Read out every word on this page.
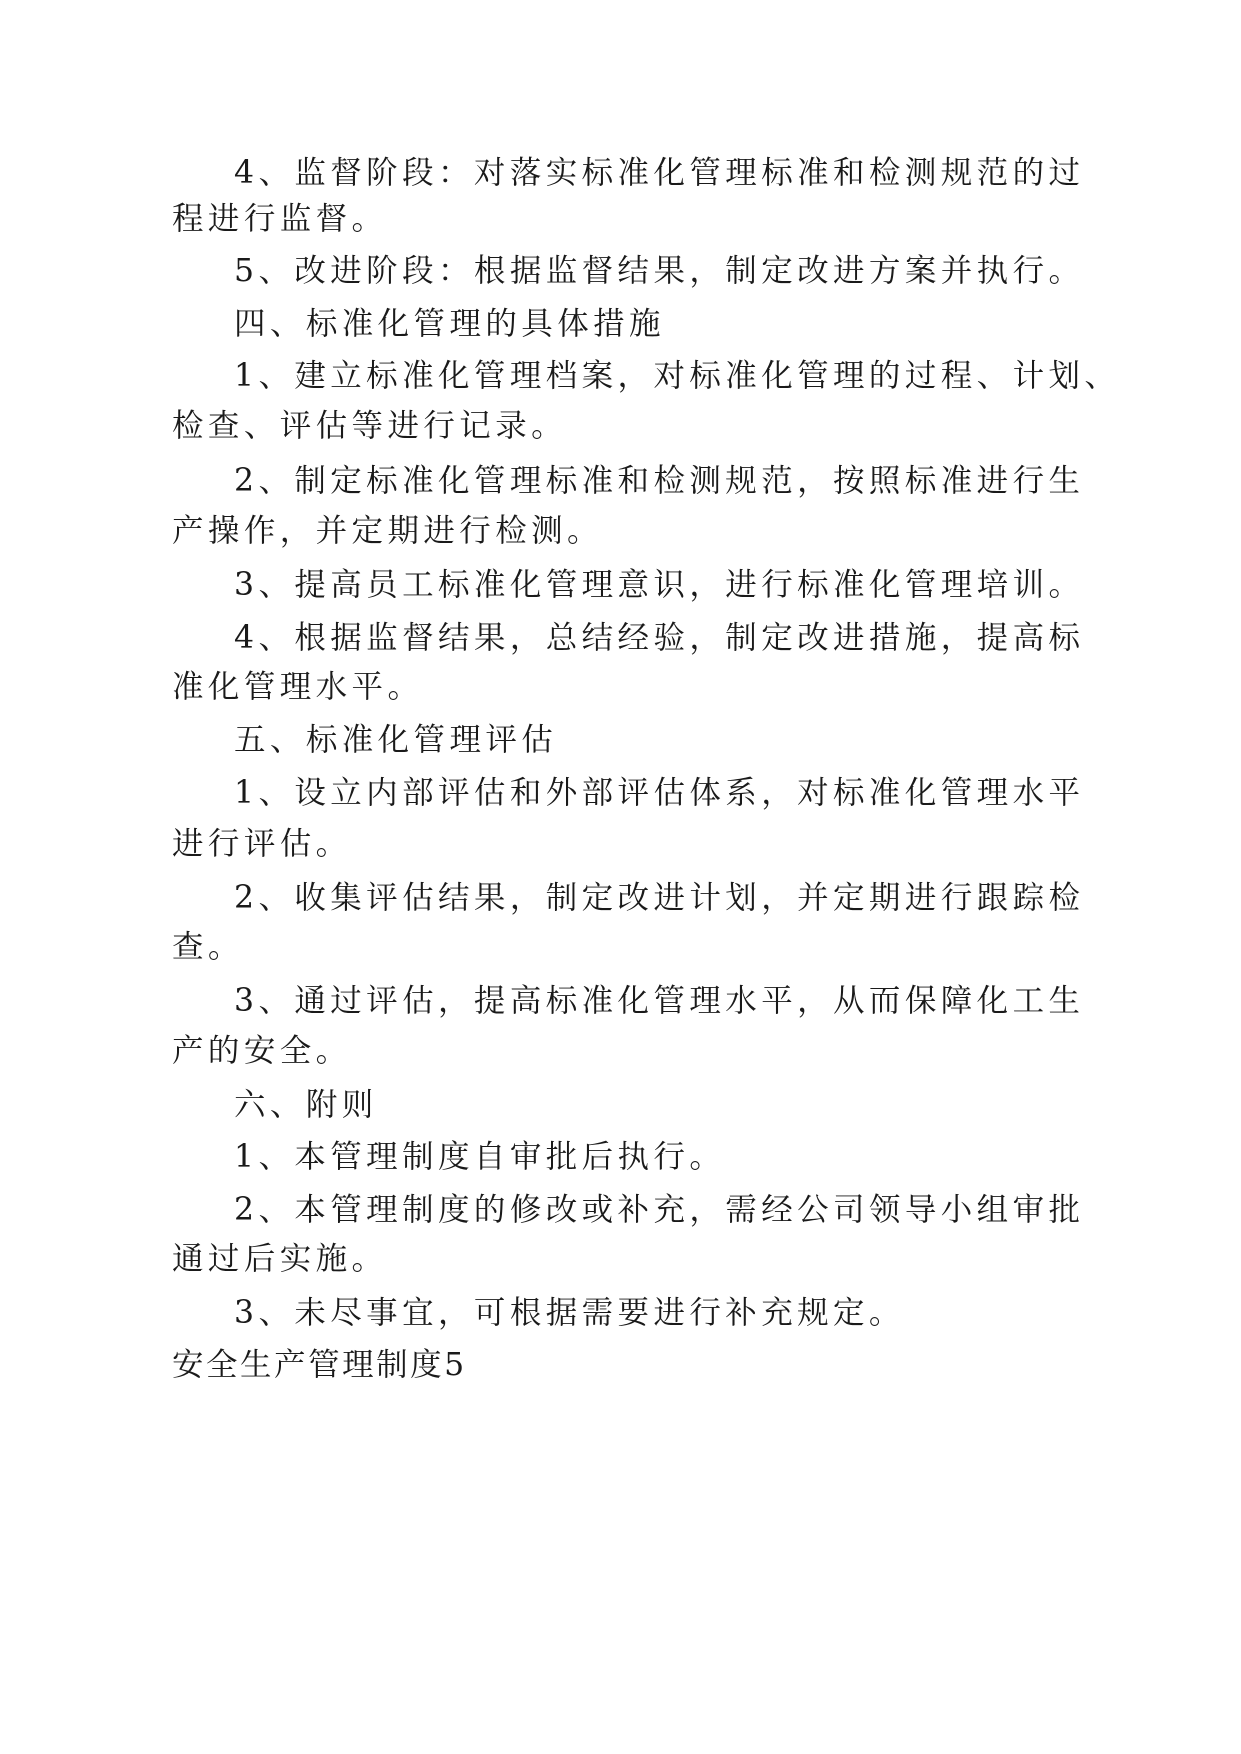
4、监督阶段：对落实标准化管理标准和检测规范的过

程进行监督。

5、改进阶段：根据监督结果，制定改进方案并执行。

四、标准化管理的具体措施

1、建立标准化管理档案，对标准化管理的过程、计划、

检查、评估等进行记录。

2、制定标准化管理标准和检测规范，按照标准进行生

产操作，并定期进行检测。

3、提高员工标准化管理意识，进行标准化管理培训。

4、根据监督结果，总结经验，制定改进措施，提高标

准化管理水平。

五、标准化管理评估

1、设立内部评估和外部评估体系，对标准化管理水平

进行评估。

2、收集评估结果，制定改进计划，并定期进行跟踪检

查。

3、通过评估，提高标准化管理水平，从而保障化工生

产的安全。

六、附则

1、本管理制度自审批后执行。

2、本管理制度的修改或补充，需经公司领导小组审批

通过后实施。

3、未尽事宜，可根据需要进行补充规定。

安全生产管理制度5
